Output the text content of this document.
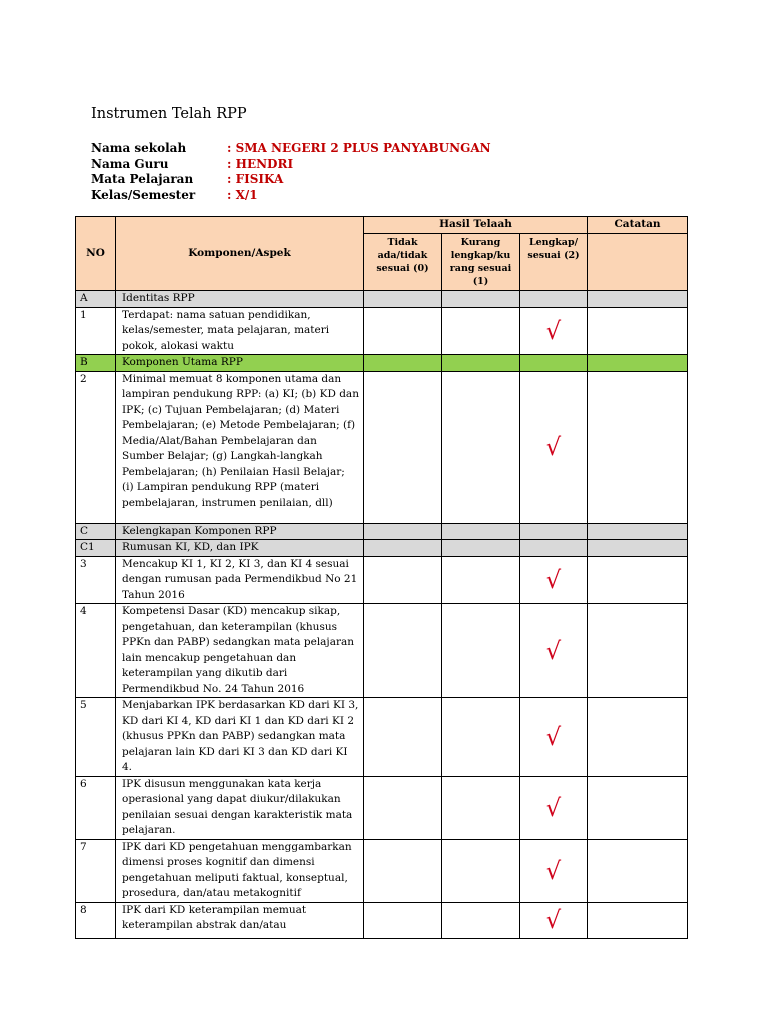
Instrumen Telah RPP
Nama sekolah	: SMA NEGERI 2 PLUS PANYABUNGAN
Nama Guru	: HENDRI
Mata Pelajaran	: FISIKA
Kelas/Semester	: X/1
NO	Komponen/Aspek	Hasil Telaah			Catatan
		Tidak ada/tidak sesuai (0)	Kurang lengkap/ku rang sesuai (1)	Lengkap/ sesuai (2)	
A	Identitas RPP				
1	Terdapat: nama satuan pendidikan, kelas/semester, mata pelajaran, materi pokok, alokasi waktu			√	
B	Komponen Utama RPP				
2	Minimal memuat 8 komponen utama dan lampiran pendukung RPP: (a) KI; (b) KD dan IPK; (c) Tujuan Pembelajaran; (d) Materi Pembelajaran; (e) Metode Pembelajaran; (f) Media/Alat/Bahan Pembelajaran dan Sumber Belajar; (g) Langkah-langkah Pembelajaran; (h) Penilaian Hasil Belajar; (i) Lampiran pendukung RPP (materi pembelajaran, instrumen penilaian, dll)			√	
C	Kelengkapan Komponen RPP				
C1	Rumusan KI, KD, dan IPK				
3	Mencakup KI 1, KI 2, KI 3, dan KI 4 sesuai dengan rumusan pada Permendikbud No 21 Tahun 2016			√	
4	Kompetensi Dasar (KD) mencakup sikap, pengetahuan, dan keterampilan (khusus PPKn dan PABP) sedangkan mata pelajaran lain mencakup pengetahuan dan keterampilan yang dikutib dari Permendikbud No. 24 Tahun 2016			√	
5	Menjabarkan IPK berdasarkan KD dari KI 3, KD dari KI 4, KD dari KI 1 dan KD dari KI 2 (khusus PPKn dan PABP) sedangkan mata pelajaran lain KD dari KI 3 dan KD dari KI 4.			√	
6	IPK disusun menggunakan kata kerja operasional yang dapat diukur/dilakukan penilaian sesuai dengan karakteristik mata pelajaran.			√	
7	IPK dari KD pengetahuan menggambarkan dimensi proses kognitif dan dimensi pengetahuan meliputi faktual, konseptual, prosedura, dan/atau metakognitif			√	
8	IPK dari KD keterampilan memuat keterampilan abstrak dan/atau			√	
